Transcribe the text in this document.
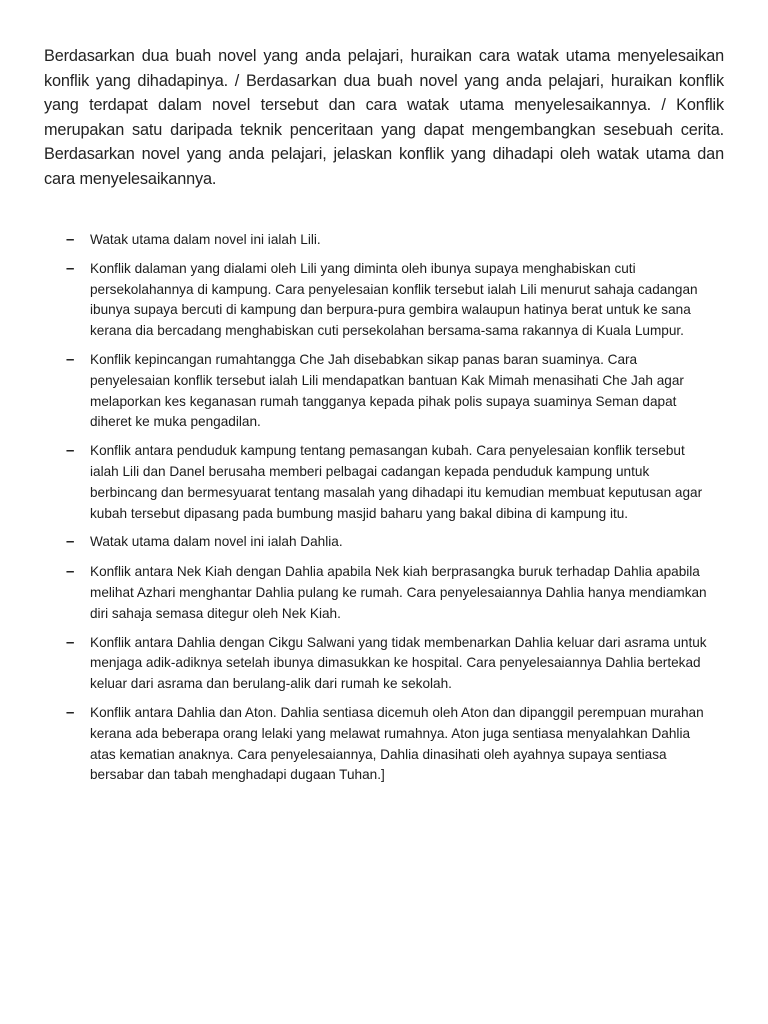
Berdasarkan dua buah novel yang anda pelajari, huraikan cara watak utama menyelesaikan konflik yang dihadapinya. / Berdasarkan dua buah novel yang anda pelajari, huraikan konflik yang terdapat dalam novel tersebut dan cara watak utama menyelesaikannya. / Konflik merupakan satu daripada teknik penceritaan yang dapat mengembangkan sesebuah cerita. Berdasarkan novel yang anda pelajari, jelaskan konflik yang dihadapi oleh watak utama dan cara menyelesaikannya.

– Watak utama dalam novel ini ialah Lili.
– Konflik dalaman yang dialami oleh Lili yang diminta oleh ibunya supaya menghabiskan cuti persekolahannya di kampung. Cara penyelesaian konflik tersebut ialah Lili menurut sahaja cadangan ibunya supaya bercuti di kampung dan berpura-pura gembira walaupun hatinya berat untuk ke sana kerana dia bercadang menghabiskan cuti persekolahan bersama-sama rakannya di Kuala Lumpur.
– Konflik kepincangan rumahtangga Che Jah disebabkan sikap panas baran suaminya. Cara penyelesaian konflik tersebut ialah Lili mendapatkan bantuan Kak Mimah menasihati Che Jah agar melaporkan kes keganasan rumah tangganya kepada pihak polis supaya suaminya Seman dapat diheret ke muka pengadilan.
– Konflik antara penduduk kampung tentang pemasangan kubah. Cara penyelesaian konflik tersebut ialah Lili dan Danel berusaha memberi pelbagai cadangan kepada penduduk kampung untuk berbincang dan bermesyuarat tentang masalah yang dihadapi itu kemudian membuat keputusan agar kubah tersebut dipasang pada bumbung masjid baharu yang bakal dibina di kampung itu.
– Watak utama dalam novel ini ialah Dahlia.
– Konflik antara Nek Kiah dengan Dahlia apabila Nek kiah berprasangka buruk terhadap Dahlia apabila melihat Azhari menghantar Dahlia pulang ke rumah. Cara penyelesaiannya Dahlia hanya mendiamkan diri sahaja semasa ditegur oleh Nek Kiah.
– Konflik antara Dahlia dengan Cikgu Salwani yang tidak membenarkan Dahlia keluar dari asrama untuk menjaga adik-adiknya setelah ibunya dimasukkan ke hospital. Cara penyelesaiannya Dahlia bertekad keluar dari asrama dan berulang-alik dari rumah ke sekolah.
– Konflik antara Dahlia dan Aton. Dahlia sentiasa dicemuh oleh Aton dan dipanggil perempuan murahan kerana ada beberapa orang lelaki yang melawat rumahnya. Aton juga sentiasa menyalahkan Dahlia atas kematian anaknya. Cara penyelesaiannya, Dahlia dinasihati oleh ayahnya supaya sentiasa bersabar dan tabah menghadapi dugaan Tuhan.]
